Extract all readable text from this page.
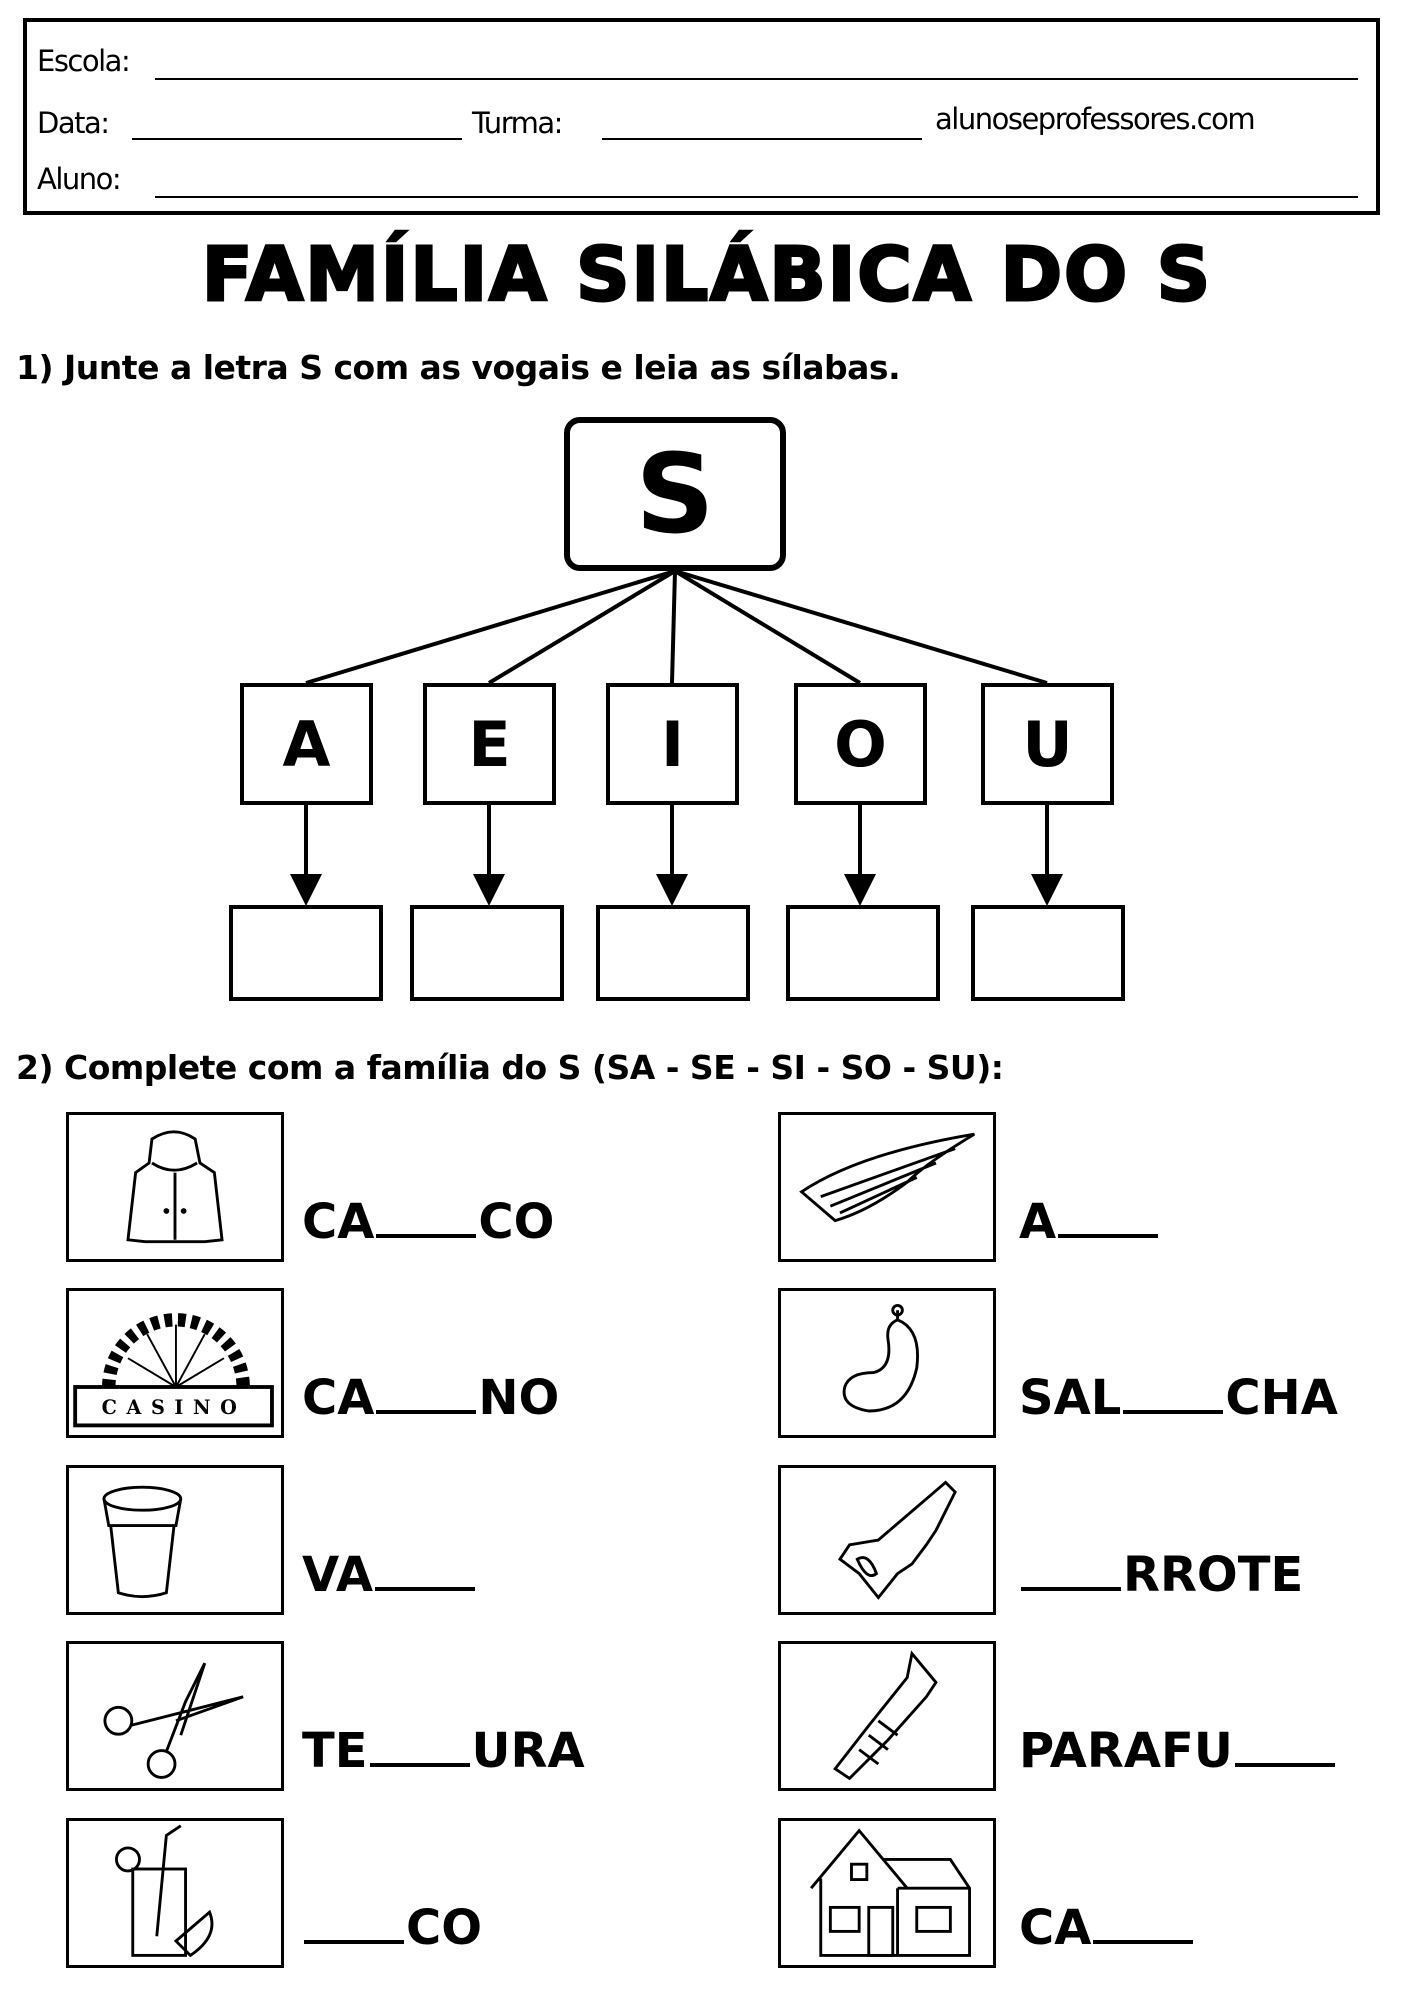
Escola:
Data:	Turma:	alunoseprofessores.com
Aluno:
FAMÍLIA SILÁBICA DO S
1) Junte a letra S com as vogais e leia as sílabas.
S
A	E	I	O	U
2) Complete com a família do S (SA - SE - SI - SO - SU):
CA CO	A
CASINO CA NO	SAL CHA
VA	RROTE
TE URA	PARAFU
CO	CA
